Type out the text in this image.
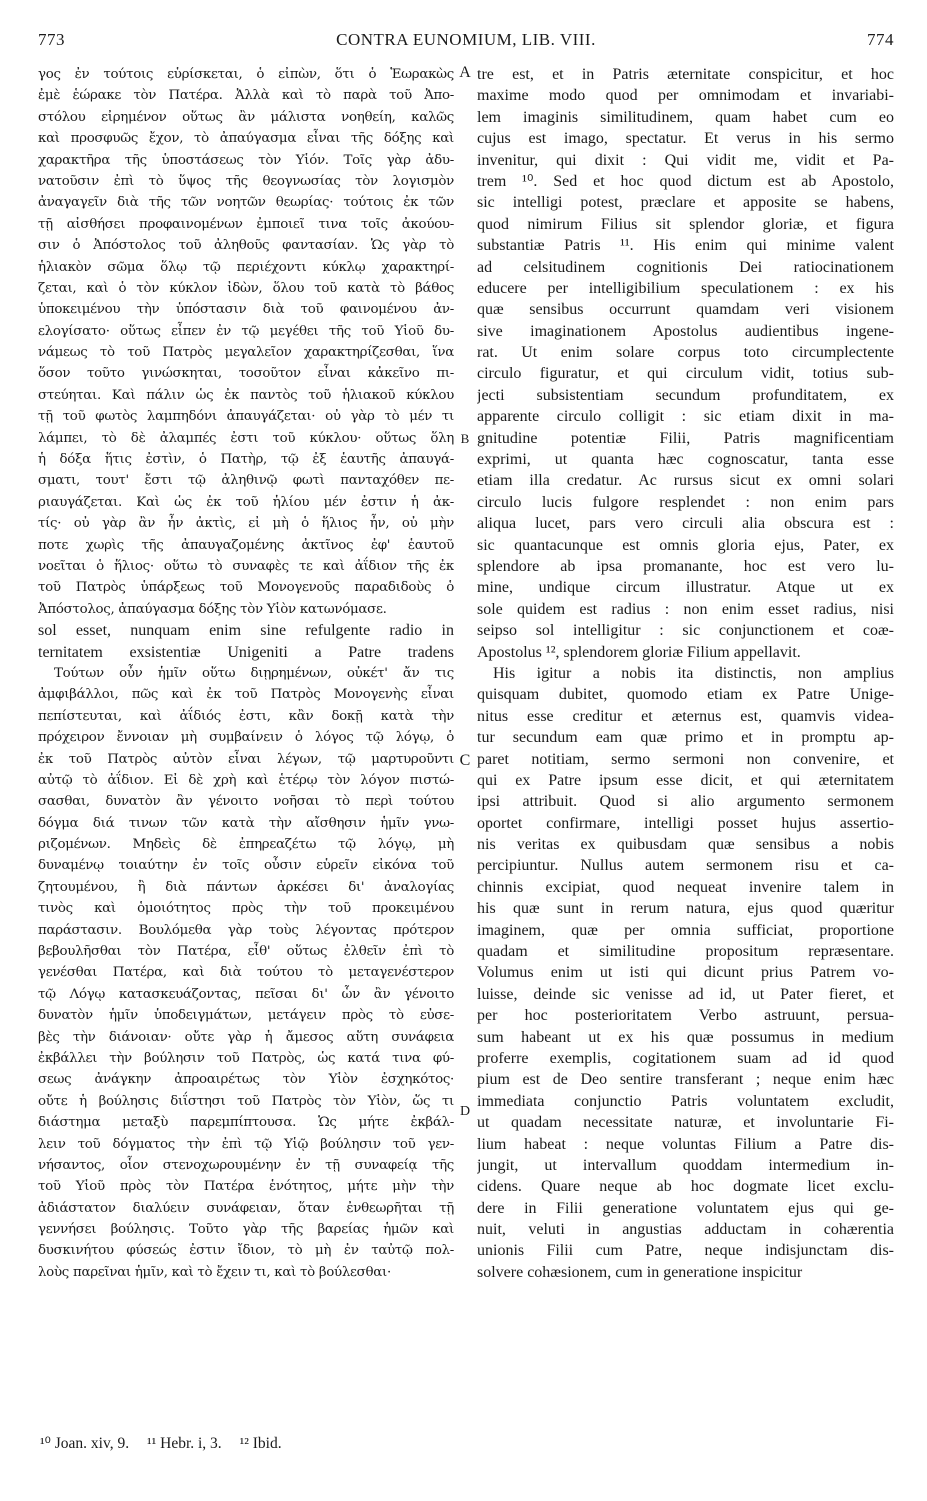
773	CONTRA EUNOMIUM, LIB. VIII.	774
γος ἐν τούτοις εὑρίσκεται, ὁ εἰπὼν, ὅτι ὁ Ἑωρακὼς
ἐμὲ ἑώρακε τὸν Πατέρα. Ἀλλὰ καὶ τὸ παρὰ τοῦ Ἀπο-
στόλου εἰρημένον οὕτως ἂν μάλιστα νοηθείη, καλῶς
καὶ προσφυῶς ἔχον, τὸ ἀπαύγασμα εἶναι τῆς δόξης καὶ
χαρακτῆρα τῆς ὑποστάσεως τὸν Υἱόν. Τοῖς γὰρ ἀδυ-
νατοῦσιν ἐπὶ τὸ ὕψος τῆς θεογνωσίας τὸν λογισμὸν
ἀναγαγεῖν διὰ τῆς τῶν νοητῶν θεωρίας· τούτοις ἐκ τῶν
τῇ αἰσθήσει προφαινομένων ἐμποιεῖ τινα τοῖς ἀκούου-
σιν ὁ Ἀπόστολος τοῦ ἀληθοῦς φαντασίαν. Ὡς γὰρ τὸ
ἡλιακὸν σῶμα ὅλῳ τῷ περιέχοντι κύκλῳ χαρακτηρί-
ζεται, καὶ ὁ τὸν κύκλον ἰδὼν, ὅλου τοῦ κατὰ τὸ βάθος
ὑποκειμένου τὴν ὑπόστασιν διὰ τοῦ φαινομένου ἀν-
ελογίσατο· οὕτως εἶπεν ἐν τῷ μεγέθει τῆς τοῦ Υἱοῦ δυ-
νάμεως τὸ τοῦ Πατρὸς μεγαλεῖον χαρακτηρίζεσθαι, ἵνα
ὅσον τοῦτο γινώσκηται, τοσοῦτον εἶναι κἀκεῖνο πι-
στεύηται. Καὶ πάλιν ὡς ἐκ παντὸς τοῦ ἡλιακοῦ κύκλου
τῇ τοῦ φωτὸς λαμπηδόνι ἀπαυγάζεται· οὐ γὰρ τὸ μέν τι
λάμπει, τὸ δὲ ἀλαμπές ἐστι τοῦ κύκλου· οὕτως ὅλη
ἡ δόξα ἥτις ἐστὶν, ὁ Πατὴρ, τῷ ἐξ ἑαυτῆς ἀπαυγά-
σματι, τουτ' ἔστι τῷ ἀληθινῷ φωτὶ πανταχόθεν πε-
ριαυγάζεται. Καὶ ὡς ἐκ τοῦ ἡλίου μέν ἐστιν ἡ ἀκ-
τίς· οὐ γὰρ ἂν ἦν ἀκτὶς, εἰ μὴ ὁ ἥλιος ἦν, οὐ μὴν
ποτε χωρὶς τῆς ἀπαυγαζομένης ἀκτῖνος ἐφ' ἑαυτοῦ
νοεῖται ὁ ἥλιος· οὕτω τὸ συναφὲς τε καὶ ἀΐδιον τῆς ἐκ
τοῦ Πατρὸς ὑπάρξεως τοῦ Μονογενοῦς παραδιδοὺς ὁ
Ἀπόστολος, ἀπαύγασμα δόξης τὸν Υἱὸν κατωνόμασε.
sol esset, nunquam enim sine refulgente radio in
ternitatem exsistentiæ Unigeniti a Patre tradens
Τούτων οὖν ἡμῖν οὕτω διῃρημένων, οὐκέτ' ἄν τις
ἀμφιβάλλοι, πῶς καὶ ἐκ τοῦ Πατρὸς Μονογενὴς εἶναι
πεπίστευται, καὶ ἀΐδιός ἐστι, κἂν δοκῇ κατὰ τὴν
πρόχειρον ἔννοιαν μὴ συμβαίνειν ὁ λόγος τῷ λόγῳ, ὁ
ἐκ τοῦ Πατρὸς αὐτὸν εἶναι λέγων, τῷ μαρτυροῦντι
αὐτῷ τὸ ἀΐδιον. Εἰ δὲ χρὴ καὶ ἑτέρῳ τὸν λόγον πιστώ-
σασθαι, δυνατὸν ἂν γένοιτο νοῆσαι τὸ περὶ τούτου
δόγμα διά τινων τῶν κατὰ τὴν αἴσθησιν ἡμῖν γνω-
ριζομένων. Μηδεὶς δὲ ἐπηρεαζέτω τῷ λόγῳ, μὴ
δυναμένῳ τοιαύτην ἐν τοῖς οὖσιν εὑρεῖν εἰκόνα τοῦ
ζητουμένου, ἢ διὰ πάντων ἀρκέσει δι' ἀναλογίας
τινὸς καὶ ὁμοιότητος πρὸς τὴν τοῦ προκειμένου
παράστασιν. Βουλόμεθα γὰρ τοὺς λέγοντας πρότερον
βεβουλῆσθαι τὸν Πατέρα, εἶθ' οὕτως ἐλθεῖν ἐπὶ τὸ
γενέσθαι Πατέρα, καὶ διὰ τούτου τὸ μεταγενέστερον
τῷ Λόγῳ κατασκευάζοντας, πεῖσαι δι' ὧν ἂν γένοιτο
δυνατὸν ἡμῖν ὑποδειγμάτων, μετάγειν πρὸς τὸ εὐσε-
βὲς τὴν διάνοιαν· οὔτε γὰρ ἡ ἄμεσος αὕτη συνάφεια
ἐκβάλλει τὴν βούλησιν τοῦ Πατρὸς, ὡς κατά τινα φύ-
σεως ἀνάγκην ἀπροαιρέτως τὸν Υἱὸν ἐσχηκότος·
οὔτε ἡ βούλησις διΐστησι τοῦ Πατρὸς τὸν Υἱὸν, ὥς τι
διάστημα μεταξὺ παρεμπίπτουσα. Ὡς μήτε ἐκβάλ-
λειν τοῦ δόγματος τὴν ἐπὶ τῷ Υἱῷ βούλησιν τοῦ γεν-
νήσαντος, οἷον στενοχωρουμένην ἐν τῇ συναφείᾳ τῆς
τοῦ Υἱοῦ πρὸς τὸν Πατέρα ἑνότητος, μήτε μὴν τὴν
ἀδιάστατον διαλύειν συνάφειαν, ὅταν ἐνθεωρῆται τῇ
γεννήσει βούλησις. Τοῦτο γὰρ τῆς βαρείας ἡμῶν καὶ
δυσκινήτου φύσεώς ἐστιν ἴδιον, τὸ μὴ ἐν ταὐτῷ πολ-
λοὺς παρεῖναι ἡμῖν, καὶ τὸ ἔχειν τι, καὶ τὸ βούλεσθαι·
tre est, et in Patris æternitate conspicitur, et hoc
maxime modo quod per omnimodam et invariabi-
lem imaginis similitudinem, quam habet cum eo
cujus est imago, spectatur. Et verus in his sermo
invenitur, qui dixit : Qui vidit me, vidit et Pa-
trem ¹⁰. Sed et hoc quod dictum est ab Apostolo,
sic intelligi potest, præclare et apposite se habens,
quod nimirum Filius sit splendor gloriæ, et figura
substantiæ Patris ¹¹. His enim qui minime valent
ad celsitudinem cognitionis Dei ratiocinationem
educere per intelligibilium speculationem : ex his
quæ sensibus occurrunt quamdam veri visionem
sive imaginationem Apostolus audientibus ingene-
rat. Ut enim solare corpus toto circumplectente
circulo figuratur, et qui circulum vidit, totius sub-
jecti subsistentiam secundum profunditatem, ex
apparente circulo colligit : sic etiam dixit in ma-
gnitudine potentiæ Filii, Patris magnificentiam
exprimi, ut quanta hæc cognoscatur, tanta esse
etiam illa credatur. Ac rursus sicut ex omni solari
circulo lucis fulgore resplendet : non enim pars
aliqua lucet, pars vero circuli alia obscura est :
sic quantacunque est omnis gloria ejus, Pater, ex
splendore ab ipsa promanante, hoc est vero lu-
mine, undique circum illustratur. Atque ut ex
sole quidem est radius : non enim esset radius, nisi
seipso sol intelligitur : sic conjunctionem et coæ-
Apostolus ¹², splendorem gloriæ Filium appellavit.
His igitur a nobis ita distinctis, non amplius
quisquam dubitet, quomodo etiam ex Patre Unige-
nitus esse creditur et æternus est, quamvis videa-
tur secundum eam quæ primo et in promptu ap-
paret notitiam, sermo sermoni non convenire, et
qui ex Patre ipsum esse dicit, et qui æternitatem
ipsi attribuit. Quod si alio argumento sermonem
oportet confirmare, intelligi posset hujus assertio-
nis veritas ex quibusdam quæ sensibus a nobis
percipiuntur. Nullus autem sermonem risu et ca-
chinnis excipiat, quod nequeat invenire talem in
his quæ sunt in rerum natura, ejus quod quæritur
imaginem, quæ per omnia sufficiat, proportione
quadam et similitudine propositum repræsentare.
Volumus enim ut isti qui dicunt prius Patrem vo-
luisse, deinde sic venisse ad id, ut Pater fieret, et
per hoc posterioritatem Verbo astruunt, persua-
sum habeant ut ex his quæ possumus in medium
proferre exemplis, cogitationem suam ad id quod
pium est de Deo sentire transferant ; neque enim hæc
immediata conjunctio Patris voluntatem excludit,
ut quadam necessitate naturæ, et involuntarie Fi-
lium habeat : neque voluntas Filium a Patre dis-
jungit, ut intervallum quoddam intermedium in-
cidens. Quare neque ab hoc dogmate licet exclu-
dere in Filii generatione voluntatem ejus qui ge-
nuit, veluti in angustias adductam in cohærentia
unionis Filii cum Patre, neque indisjunctam dis-
solvere cohæsionem, cum in generatione inspicitur
A
B
C
D
¹⁰ Joan. xiv, 9. ¹¹ Hebr. i, 3. ¹² Ibid.
